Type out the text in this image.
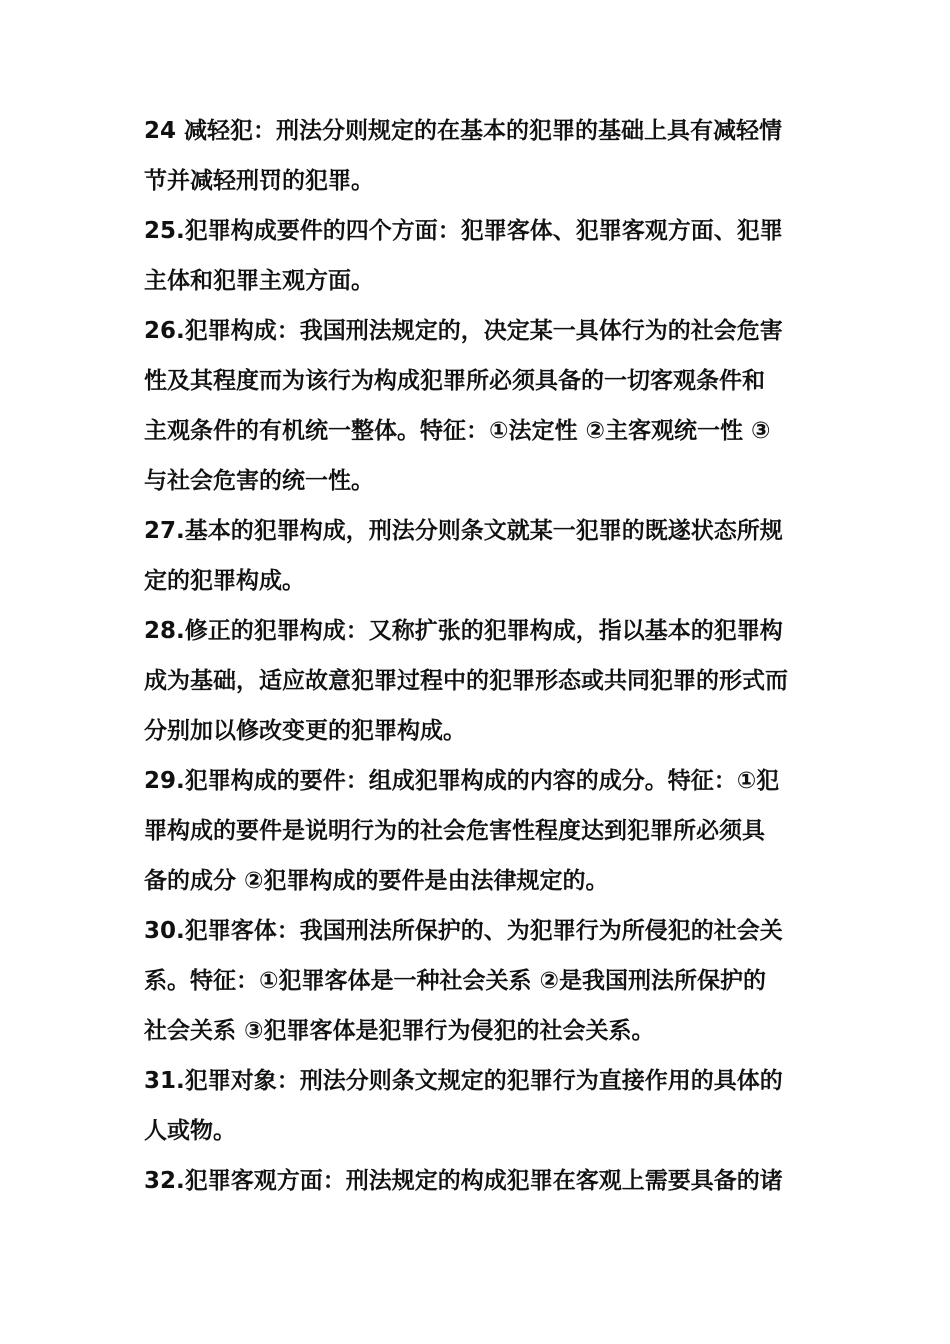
24 减轻犯：刑法分则规定的在基本的犯罪的基础上具有减轻情
节并减轻刑罚的犯罪。
25.犯罪构成要件的四个方面：犯罪客体、犯罪客观方面、犯罪
主体和犯罪主观方面。
26.犯罪构成：我国刑法规定的，决定某一具体行为的社会危害
性及其程度而为该行为构成犯罪所必须具备的一切客观条件和
主观条件的有机统一整体。特征：①法定性 ②主客观统一性 ③
与社会危害的统一性。
27.基本的犯罪构成，刑法分则条文就某一犯罪的既遂状态所规
定的犯罪构成。
28.修正的犯罪构成：又称扩张的犯罪构成，指以基本的犯罪构
成为基础，适应故意犯罪过程中的犯罪形态或共同犯罪的形式而
分别加以修改变更的犯罪构成。
29.犯罪构成的要件：组成犯罪构成的内容的成分。特征：①犯
罪构成的要件是说明行为的社会危害性程度达到犯罪所必须具
备的成分 ②犯罪构成的要件是由法律规定的。
30.犯罪客体：我国刑法所保护的、为犯罪行为所侵犯的社会关
系。特征：①犯罪客体是一种社会关系 ②是我国刑法所保护的
社会关系 ③犯罪客体是犯罪行为侵犯的社会关系。
31.犯罪对象：刑法分则条文规定的犯罪行为直接作用的具体的
人或物。
32.犯罪客观方面：刑法规定的构成犯罪在客观上需要具备的诸
